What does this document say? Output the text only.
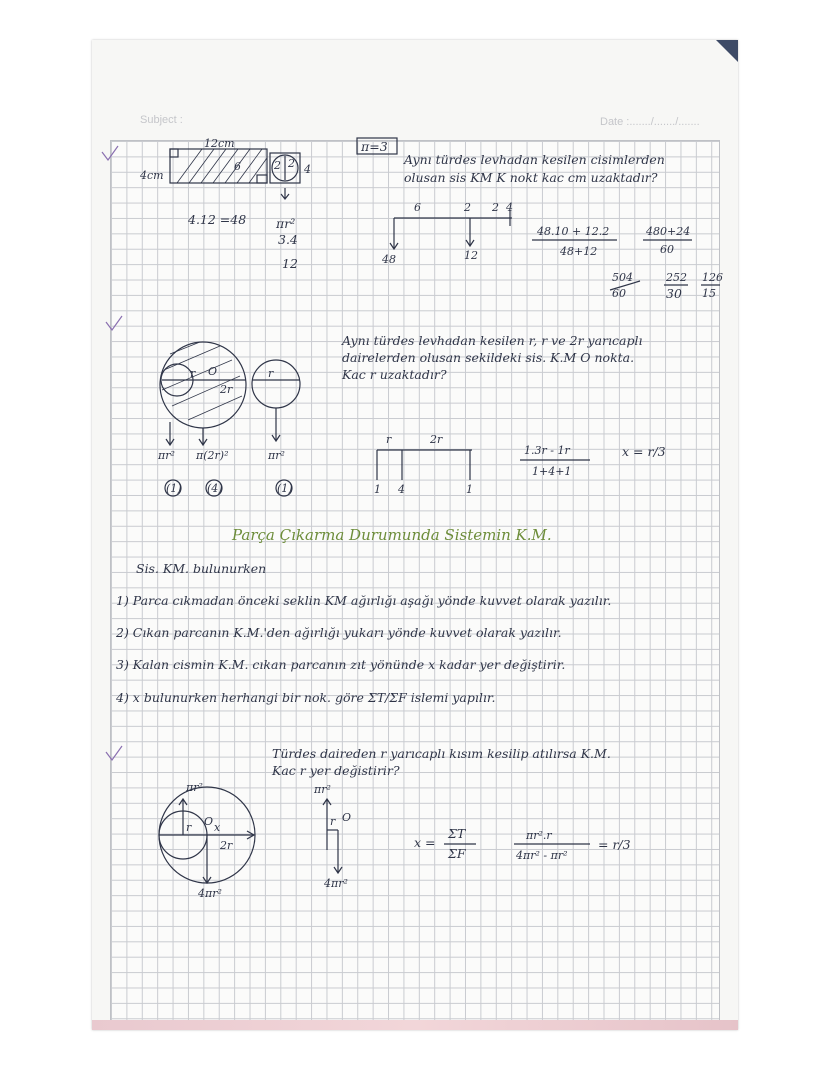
Subject :	Date :......./......./.......
Aynı türdes levhadan kesilen cisimlerden
olusan sis KM K nokt kac cm uzaktadır?
π=3
12cm
4cm
6	2 2 4
4.12 =48 πr²
3.4
12
6	2 2 4
48	12
48.10 + 12.2
48+12
480+24
60
504
60
252
30
126
15
Aynı türdes levhadan kesilen r, r ve 2r yarıcaplı
dairelerden olusan sekildeki sis. K.M O nokta.
Kac r uzaktadır?
r O
2r
r
πr² π(2r)²	πr²
(1) (4)	(1)
r	2r
1 4	1
1.3r - 1r
1+4+1
x = r/3
Parça Çıkarma Durumunda Sistemin K.M.
Sis. KM. bulunurken
1) Parca cıkmadan önceki seklin KM ağırlığı aşağı yönde kuvvet olarak yazılır.
2) Cıkan parcanın K.M.'den ağırlığı yukarı yönde kuvvet olarak yazılır.
3) Kalan cismin K.M. cıkan parcanın zıt yönünde x kadar yer değiştirir.
4) x bulunurken herhangi bir nok. göre ΣT/ΣF islemi yapılır.
Türdes daireden r yarıcaplı kısım kesilip atılırsa K.M.
Kac r yer değistirir?
πr²
4πr²
r O x
2r
πr²
r O
4πr²
x =
ΣT
ΣF
πr².r
4πr² - πr²
= r/3
